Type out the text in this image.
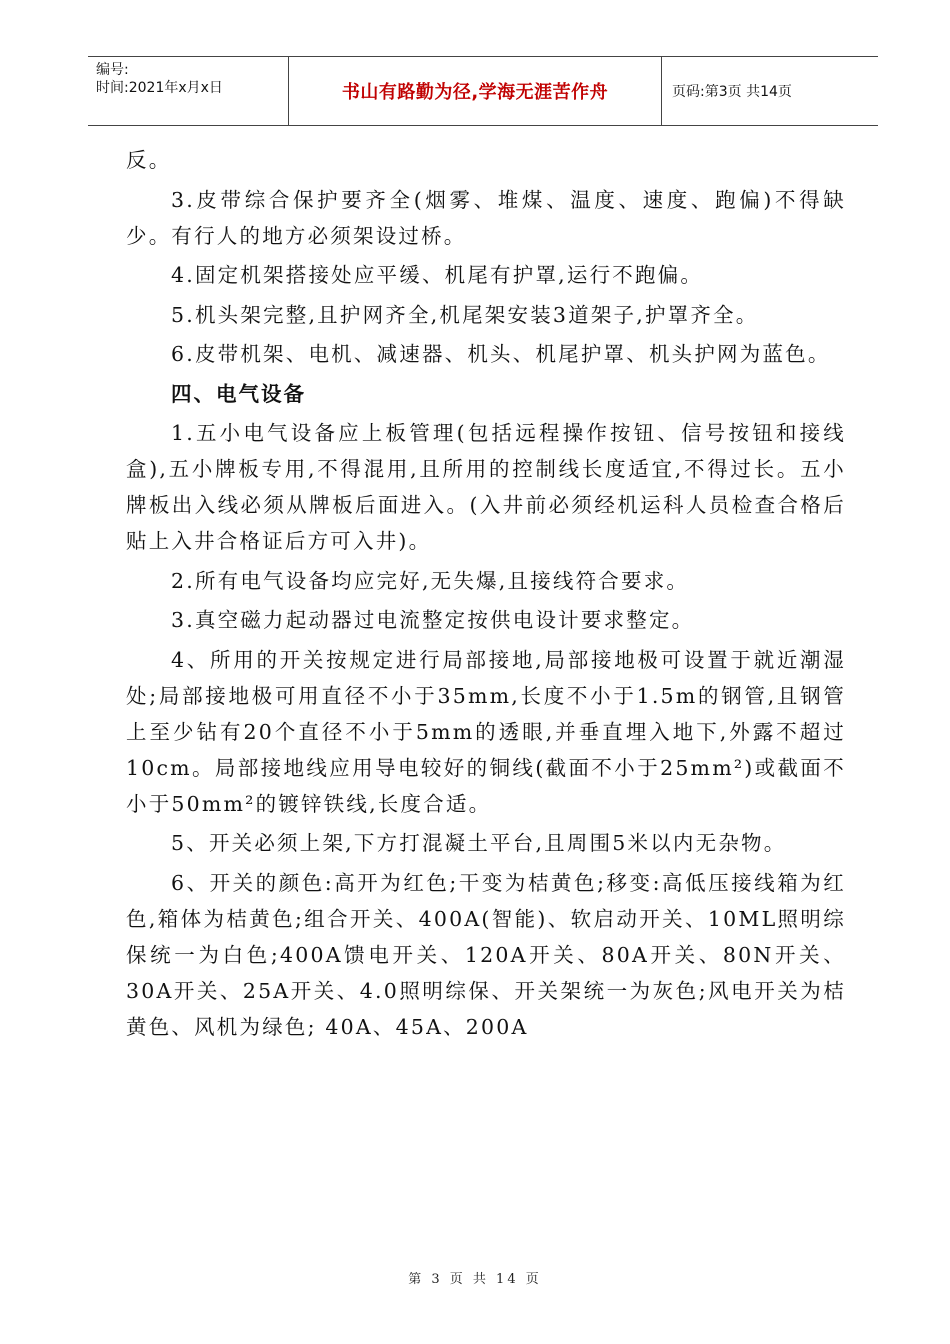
编号:
时间:2021年x月x日	书山有路勤为径,学海无涯苦作舟	页码:第3页 共14页

反。

3.皮带综合保护要齐全(烟雾、堆煤、温度、速度、跑偏)不得缺少。有行人的地方必须架设过桥。

4.固定机架搭接处应平缓、机尾有护罩,运行不跑偏。

5.机头架完整,且护网齐全,机尾架安装3道架子,护罩齐全。

6.皮带机架、电机、减速器、机头、机尾护罩、机头护网为蓝色。

四、电气设备

1.五小电气设备应上板管理(包括远程操作按钮、信号按钮和接线盒),五小牌板专用,不得混用,且所用的控制线长度适宜,不得过长。五小牌板出入线必须从牌板后面进入。(入井前必须经机运科人员检查合格后贴上入井合格证后方可入井)。

2.所有电气设备均应完好,无失爆,且接线符合要求。

3.真空磁力起动器过电流整定按供电设计要求整定。

4、所用的开关按规定进行局部接地,局部接地极可设置于就近潮湿处;局部接地极可用直径不小于35mm,长度不小于1.5m的钢管,且钢管上至少钻有20个直径不小于5mm的透眼,并垂直埋入地下,外露不超过10cm。局部接地线应用导电较好的铜线(截面不小于25mm²)或截面不小于50mm²的镀锌铁线,长度合适。

5、开关必须上架,下方打混凝土平台,且周围5米以内无杂物。

6、开关的颜色:高开为红色;干变为桔黄色;移变:高低压接线箱为红色,箱体为桔黄色;组合开关、400A(智能)、软启动开关、10ML照明综保统一为白色;400A馈电开关、120A开关、80A开关、80N开关、30A开关、25A开关、4.0照明综保、开关架统一为灰色;风电开关为桔黄色、风机为绿色; 40A、45A、200A

第 3 页 共 14 页
